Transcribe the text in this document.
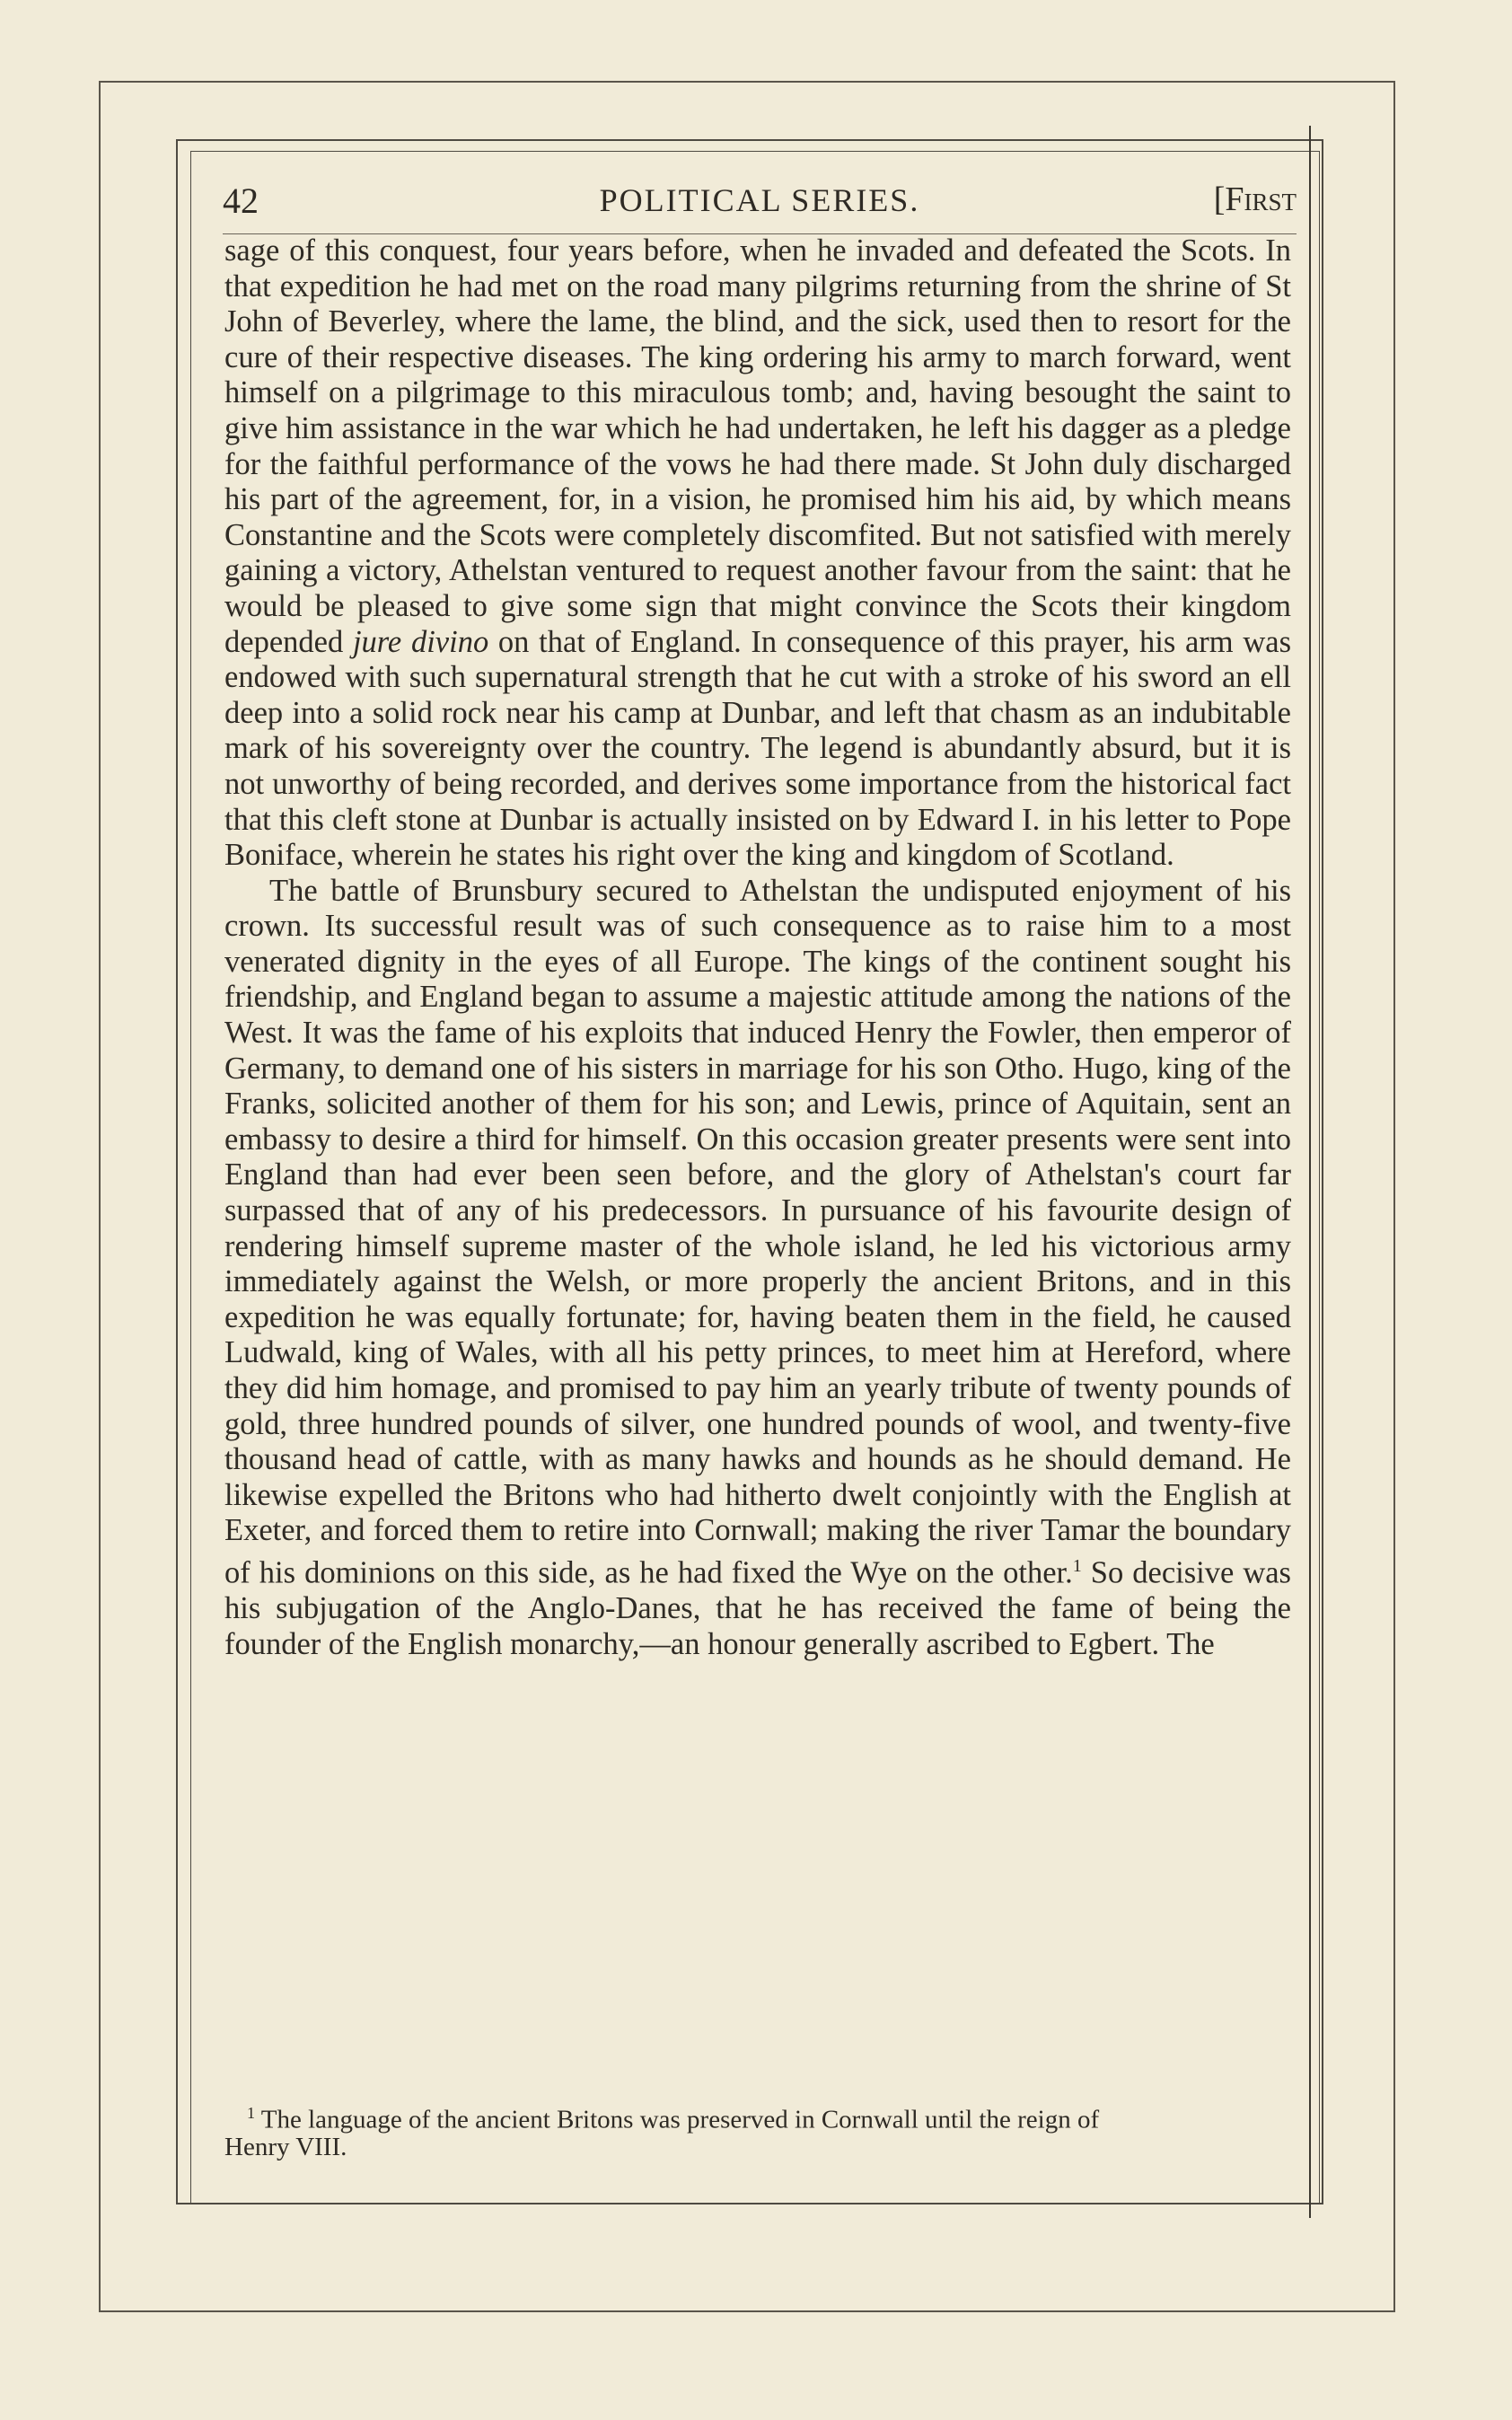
42	POLITICAL SERIES.	[First

sage of this conquest, four years before, when he invaded and defeated the Scots. In that expedition he had met on the road many pilgrims returning from the shrine of St John of Beverley, where the lame, the blind, and the sick, used then to resort for the cure of their respective diseases. The king ordering his army to march forward, went himself on a pilgrimage to this miraculous tomb; and, having besought the saint to give him assistance in the war which he had undertaken, he left his dagger as a pledge for the faithful performance of the vows he had there made. St John duly discharged his part of the agreement, for, in a vision, he promised him his aid, by which means Constantine and the Scots were completely discomfited. But not satisfied with merely gaining a victory, Athelstan ventured to request another favour from the saint: that he would be pleased to give some sign that might convince the Scots their kingdom depended jure divino on that of England. In consequence of this prayer, his arm was endowed with such supernatural strength that he cut with a stroke of his sword an ell deep into a solid rock near his camp at Dunbar, and left that chasm as an indubitable mark of his sovereignty over the country. The legend is abundantly absurd, but it is not unworthy of being recorded, and derives some importance from the historical fact that this cleft stone at Dunbar is actually insisted on by Edward I. in his letter to Pope Boniface, wherein he states his right over the king and kingdom of Scotland.

The battle of Brunsbury secured to Athelstan the undisputed enjoyment of his crown. Its successful result was of such consequence as to raise him to a most venerated dignity in the eyes of all Europe. The kings of the continent sought his friendship, and England began to assume a majestic attitude among the nations of the West. It was the fame of his exploits that induced Henry the Fowler, then emperor of Germany, to demand one of his sisters in marriage for his son Otho. Hugo, king of the Franks, solicited another of them for his son; and Lewis, prince of Aquitain, sent an embassy to desire a third for himself. On this occasion greater presents were sent into England than had ever been seen before, and the glory of Athelstan's court far surpassed that of any of his predecessors. In pursuance of his favourite design of rendering himself supreme master of the whole island, he led his victorious army immediately against the Welsh, or more properly the ancient Britons, and in this expedition he was equally fortunate; for, having beaten them in the field, he caused Ludwald, king of Wales, with all his petty princes, to meet him at Hereford, where they did him homage, and promised to pay him an yearly tribute of twenty pounds of gold, three hundred pounds of silver, one hundred pounds of wool, and twenty-five thousand head of cattle, with as many hawks and hounds as he should demand. He likewise expelled the Britons who had hitherto dwelt conjointly with the English at Exeter, and forced them to retire into Cornwall; making the river Tamar the boundary of his dominions on this side, as he had fixed the Wye on the other.$^1$ So decisive was his subjugation of the Anglo-Danes, that he has received the fame of being the founder of the English monarchy,—an honour generally ascribed to Egbert. The

$^1$ The language of the ancient Britons was preserved in Cornwall until the reign of
Henry VIII.
